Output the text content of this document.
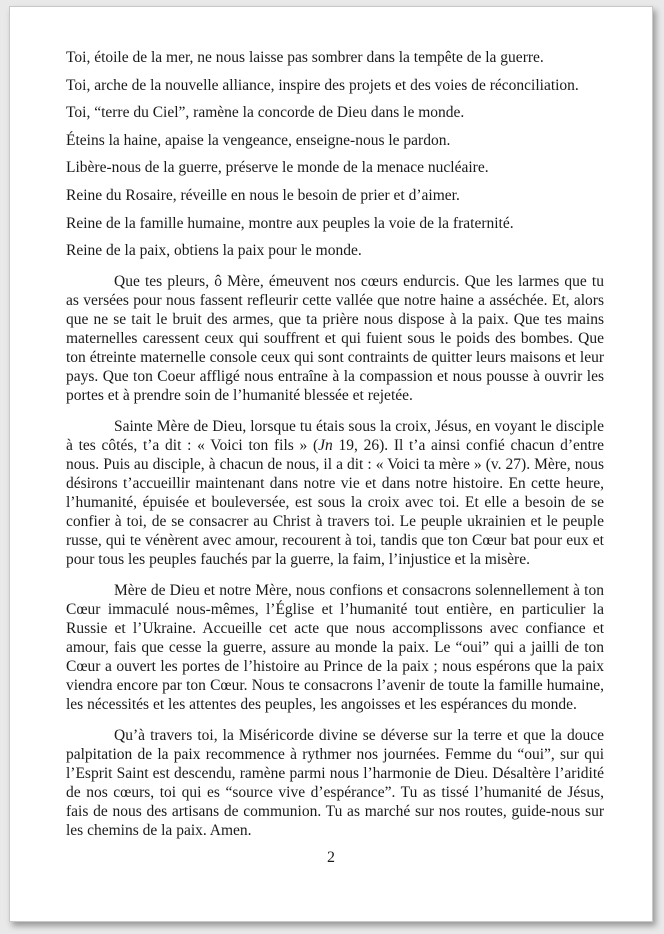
Toi, étoile de la mer, ne nous laisse pas sombrer dans la tempête de la guerre.

Toi, arche de la nouvelle alliance, inspire des projets et des voies de réconciliation.

Toi, “terre du Ciel”, ramène la concorde de Dieu dans le monde.

Éteins la haine, apaise la vengeance, enseigne-nous le pardon.

Libère-nous de la guerre, préserve le monde de la menace nucléaire.

Reine du Rosaire, réveille en nous le besoin de prier et d’aimer.

Reine de la famille humaine, montre aux peuples la voie de la fraternité.

Reine de la paix, obtiens la paix pour le monde.

Que tes pleurs, ô Mère, émeuvent nos cœurs endurcis. Que les larmes que tu as versées pour nous fassent refleurir cette vallée que notre haine a asséchée. Et, alors que ne se tait le bruit des armes, que ta prière nous dispose à la paix. Que tes mains maternelles caressent ceux qui souffrent et qui fuient sous le poids des bombes. Que ton étreinte maternelle console ceux qui sont contraints de quitter leurs maisons et leur pays. Que ton Coeur affligé nous entraîne à la compassion et nous pousse à ouvrir les portes et à prendre soin de l’humanité blessée et rejetée.

Sainte Mère de Dieu, lorsque tu étais sous la croix, Jésus, en voyant le disciple à tes côtés, t’a dit : « Voici ton fils » (Jn 19, 26). Il t’a ainsi confié chacun d’entre nous. Puis au disciple, à chacun de nous, il a dit : « Voici ta mère » (v. 27). Mère, nous désirons t’accueillir maintenant dans notre vie et dans notre histoire. En cette heure, l’humanité, épuisée et bouleversée, est sous la croix avec toi. Et elle a besoin de se confier à toi, de se consacrer au Christ à travers toi. Le peuple ukrainien et le peuple russe, qui te vénèrent avec amour, recourent à toi, tandis que ton Cœur bat pour eux et pour tous les peuples fauchés par la guerre, la faim, l’injustice et la misère.

Mère de Dieu et notre Mère, nous confions et consacrons solennellement à ton Cœur immaculé nous-mêmes, l’Église et l’humanité tout entière, en particulier la Russie et l’Ukraine. Accueille cet acte que nous accomplissons avec confiance et amour, fais que cesse la guerre, assure au monde la paix. Le “oui” qui a jailli de ton Cœur a ouvert les portes de l’histoire au Prince de la paix ; nous espérons que la paix viendra encore par ton Cœur. Nous te consacrons l’avenir de toute la famille humaine, les nécessités et les attentes des peuples, les angoisses et les espérances du monde.

Qu’à travers toi, la Miséricorde divine se déverse sur la terre et que la douce palpitation de la paix recommence à rythmer nos journées. Femme du “oui”, sur qui l’Esprit Saint est descendu, ramène parmi nous l’harmonie de Dieu. Désaltère l’aridité de nos cœurs, toi qui es “source vive d’espérance”. Tu as tissé l’humanité de Jésus, fais de nous des artisans de communion. Tu as marché sur nos routes, guide-nous sur les chemins de la paix. Amen.

2
